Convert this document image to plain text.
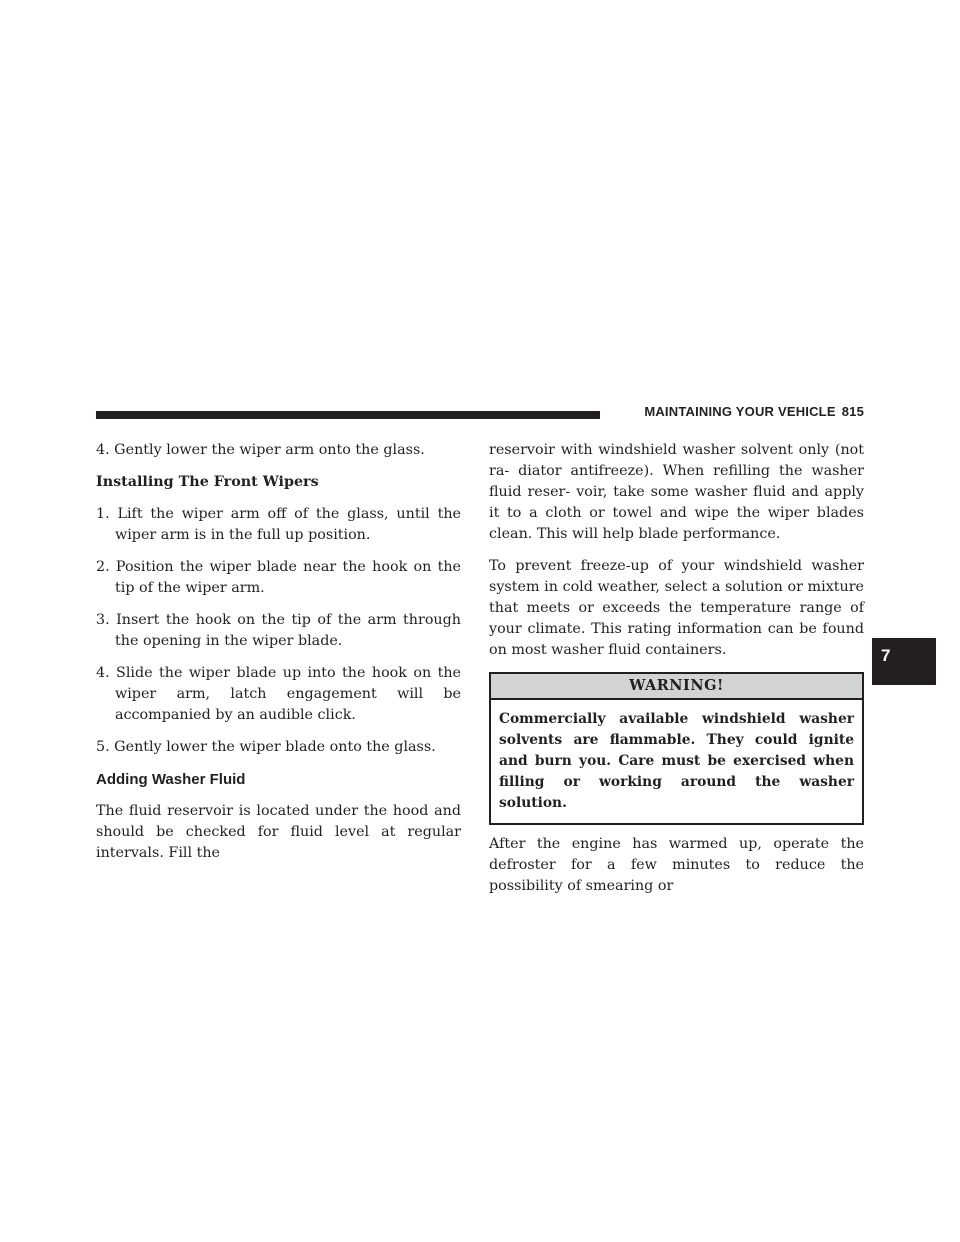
MAINTAINING YOUR VEHICLE 815
7

4. Gently lower the wiper arm onto the glass.

Installing The Front Wipers
1. Lift the wiper arm off of the glass, until the wiper arm is in the full up position.
2. Position the wiper blade near the hook on the tip of the wiper arm.
3. Insert the hook on the tip of the arm through the opening in the wiper blade.
4. Slide the wiper blade up into the hook on the wiper arm, latch engagement will be accompanied by an audible click.
5. Gently lower the wiper blade onto the glass.
Adding Washer Fluid

The fluid reservoir is located under the hood and should be checked for fluid level at regular intervals. Fill the

reservoir with windshield washer solvent only (not ra- diator antifreeze). When refilling the washer fluid reser- voir, take some washer fluid and apply it to a cloth or towel and wipe the wiper blades clean. This will help blade performance.

To prevent freeze-up of your windshield washer system in cold weather, select a solution or mixture that meets or exceeds the temperature range of your climate. This rating information can be found on most washer fluid containers.

WARNING!
Commercially available windshield washer solvents are flammable. They could ignite and burn you. Care must be exercised when filling or working around the washer solution.

After the engine has warmed up, operate the defroster for a few minutes to reduce the possibility of smearing or
